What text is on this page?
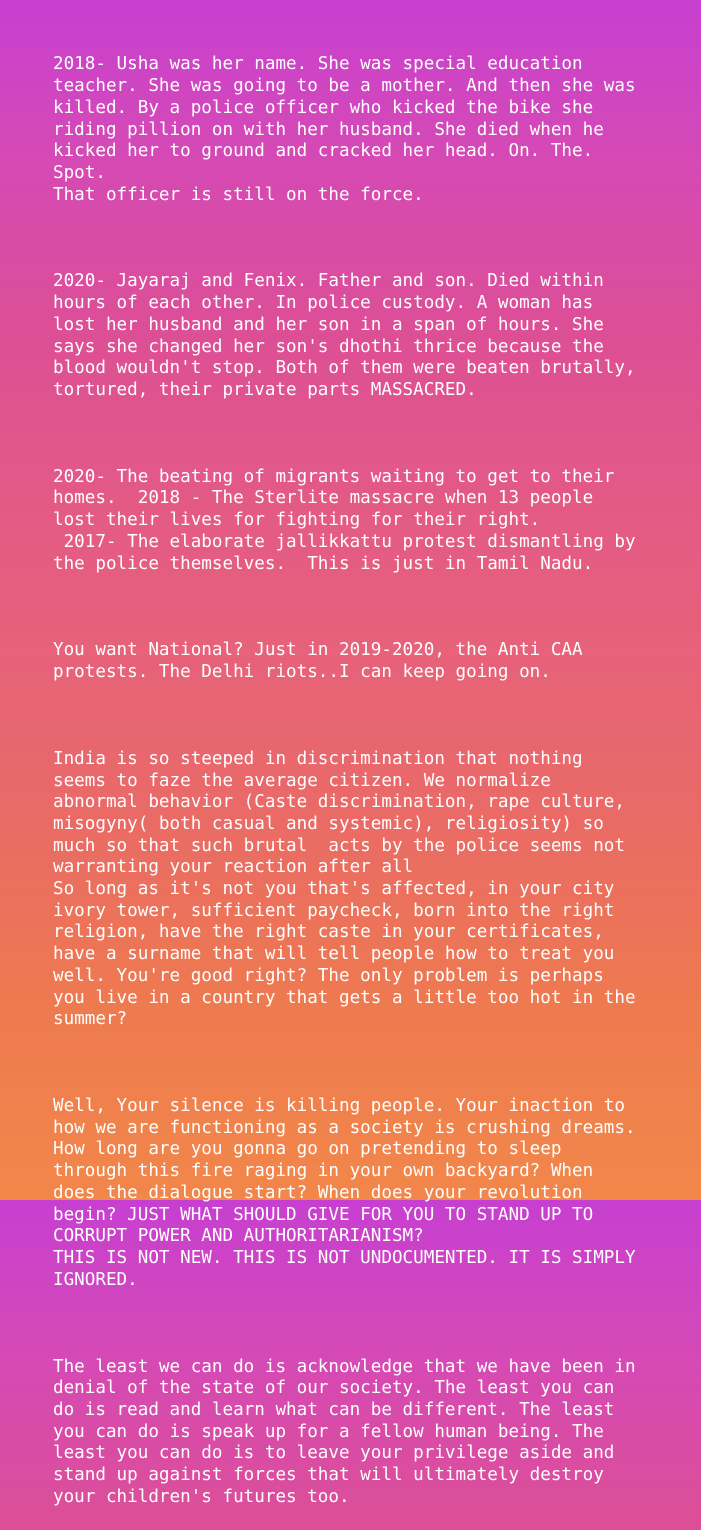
2018- Usha was her name. She was special education
teacher. She was going to be a mother. And then she was
killed. By a police officer who kicked the bike she
riding pillion on with her husband. She died when he
kicked her to ground and cracked her head. On. The.
Spot.
That officer is still on the force.

2020- Jayaraj and Fenix. Father and son. Died within
hours of each other. In police custody. A woman has
lost her husband and her son in a span of hours. She
says she changed her son's dhothi thrice because the
blood wouldn't stop. Both of them were beaten brutally,
tortured, their private parts MASSACRED.

2020- The beating of migrants waiting to get to their
homes.  2018 - The Sterlite massacre when 13 people
lost their lives for fighting for their right.
2017- The elaborate jallikkattu protest dismantling by
the police themselves.  This is just in Tamil Nadu.

You want National? Just in 2019-2020, the Anti CAA
protests. The Delhi riots..I can keep going on.

India is so steeped in discrimination that nothing
seems to faze the average citizen. We normalize
abnormal behavior (Caste discrimination, rape culture,
misogyny( both casual and systemic), religiosity) so
much so that such brutal  acts by the police seems not
warranting your reaction after all
So long as it's not you that's affected, in your city
ivory tower, sufficient paycheck, born into the right
religion, have the right caste in your certificates,
have a surname that will tell people how to treat you
well. You're good right? The only problem is perhaps
you live in a country that gets a little too hot in the
summer?

Well, Your silence is killing people. Your inaction to
how we are functioning as a society is crushing dreams.
How long are you gonna go on pretending to sleep
through this fire raging in your own backyard? When
does the dialogue start? When does your revolution
begin? JUST WHAT SHOULD GIVE FOR YOU TO STAND UP TO
CORRUPT POWER AND AUTHORITARIANISM?
THIS IS NOT NEW. THIS IS NOT UNDOCUMENTED. IT IS SIMPLY
IGNORED.

The least we can do is acknowledge that we have been in
denial of the state of our society. The least you can
do is read and learn what can be different. The least
you can do is speak up for a fellow human being. The
least you can do is to leave your privilege aside and
stand up against forces that will ultimately destroy
your children's futures too.
